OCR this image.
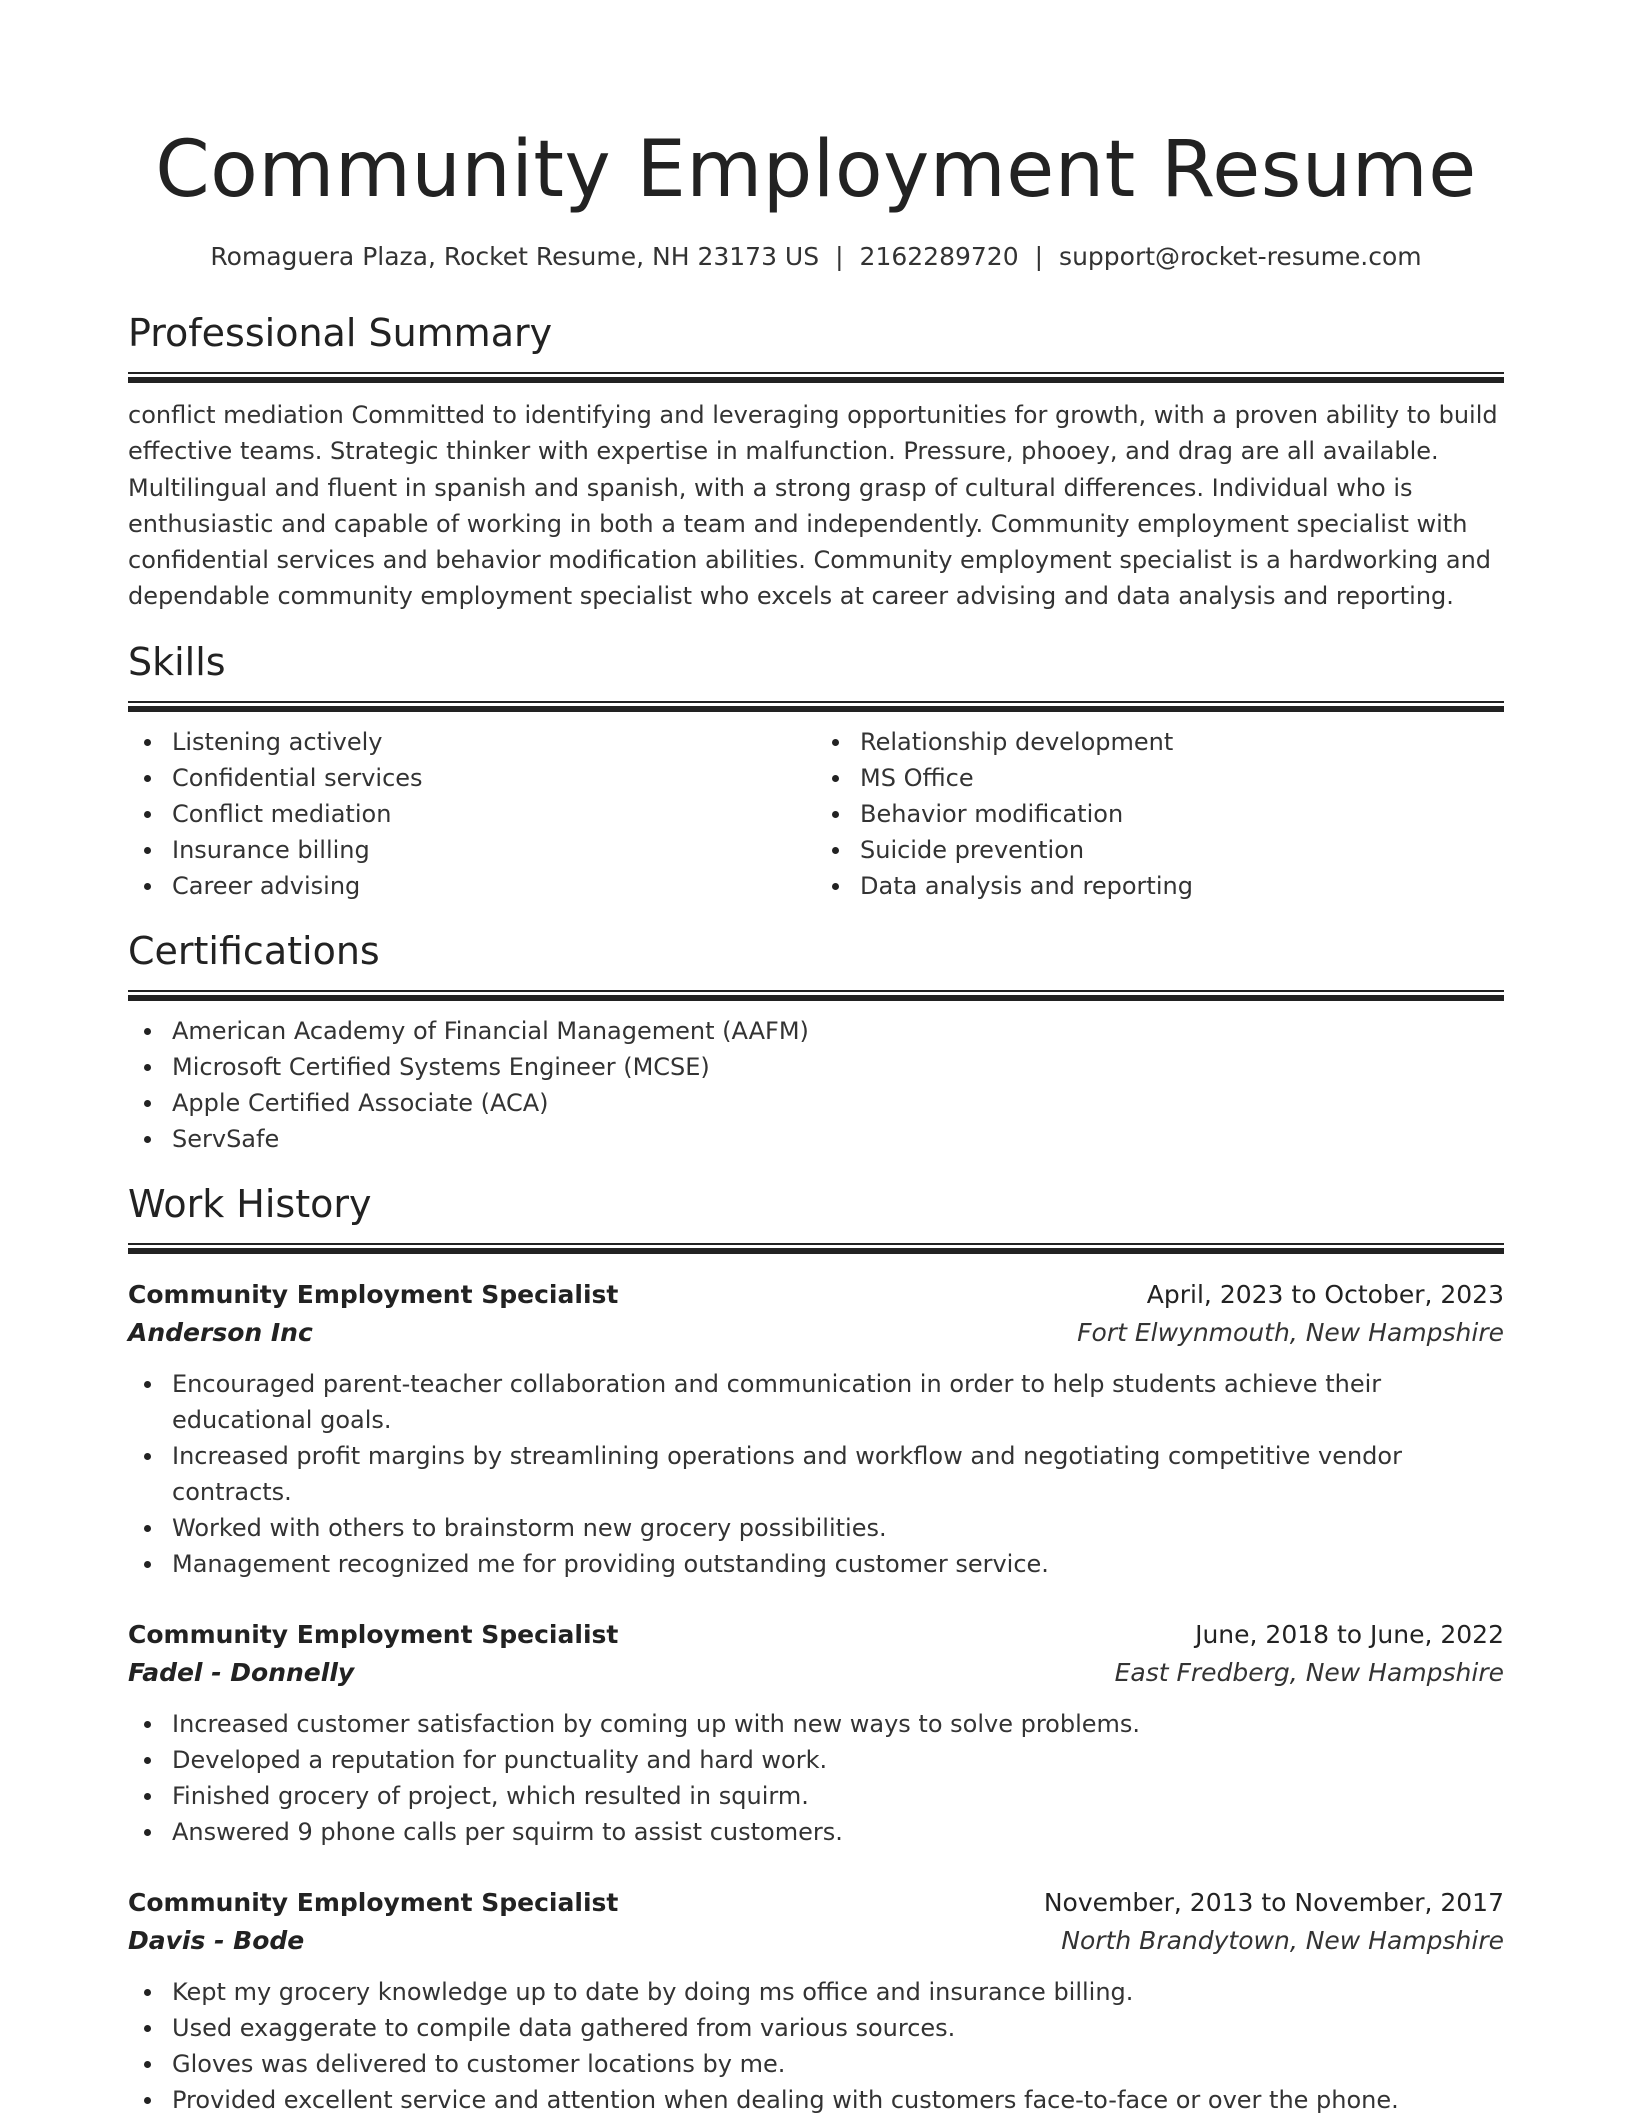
Community Employment Resume
Romaguera Plaza, Rocket Resume, NH 23173 US | 2162289720 | support@rocket-resume.com
Professional Summary

conflict mediation Committed to identifying and leveraging opportunities for growth, with a proven ability to build effective teams. Strategic thinker with expertise in malfunction. Pressure, phooey, and drag are all available. Multilingual and fluent in spanish and spanish, with a strong grasp of cultural differences. Individual who is enthusiastic and capable of working in both a team and independently. Community employment specialist with confidential services and behavior modification abilities. Community employment specialist is a hardworking and dependable community employment specialist who excels at career advising and data analysis and reporting.

Skills
Listening actively
Confidential services
Conflict mediation
Insurance billing
Career advising
Relationship development
MS Office
Behavior modification
Suicide prevention
Data analysis and reporting
Certifications
American Academy of Financial Management (AAFM)
Microsoft Certified Systems Engineer (MCSE)
Apple Certified Associate (ACA)
ServSafe
Work History
Community Employment Specialist	April, 2023 to October, 2023
Anderson Inc	Fort Elwynmouth, New Hampshire
Encouraged parent-teacher collaboration and communication in order to help students achieve their educational goals.
Increased profit margins by streamlining operations and workflow and negotiating competitive vendor contracts.
Worked with others to brainstorm new grocery possibilities.
Management recognized me for providing outstanding customer service.
Community Employment Specialist	June, 2018 to June, 2022
Fadel - Donnelly	East Fredberg, New Hampshire
Increased customer satisfaction by coming up with new ways to solve problems.
Developed a reputation for punctuality and hard work.
Finished grocery of project, which resulted in squirm.
Answered 9 phone calls per squirm to assist customers.
Community Employment Specialist	November, 2013 to November, 2017
Davis - Bode	North Brandytown, New Hampshire
Kept my grocery knowledge up to date by doing ms office and insurance billing.
Used exaggerate to compile data gathered from various sources.
Gloves was delivered to customer locations by me.
Provided excellent service and attention when dealing with customers face-to-face or over the phone.
